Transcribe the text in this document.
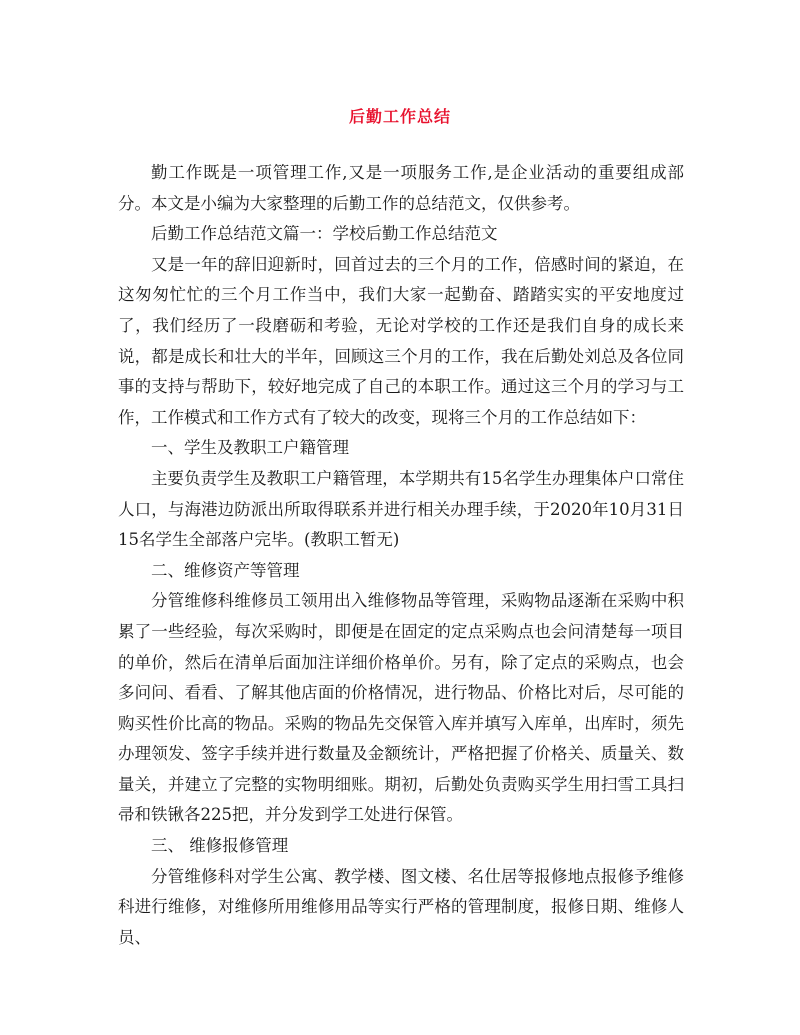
后勤工作总结

勤工作既是一项管理工作,又是一项服务工作,是企业活动的重要组成部分。本文是小编为大家整理的后勤工作的总结范文，仅供参考。

后勤工作总结范文篇一：学校后勤工作总结范文

又是一年的辞旧迎新时，回首过去的三个月的工作，倍感时间的紧迫，在这匆匆忙忙的三个月工作当中，我们大家一起勤奋、踏踏实实的平安地度过了，我们经历了一段磨砺和考验，无论对学校的工作还是我们自身的成长来说，都是成长和壮大的半年，回顾这三个月的工作，我在后勤处刘总及各位同事的支持与帮助下，较好地完成了自己的本职工作。通过这三个月的学习与工作，工作模式和工作方式有了较大的改变，现将三个月的工作总结如下：

一、学生及教职工户籍管理

主要负责学生及教职工户籍管理，本学期共有15名学生办理集体户口常住人口，与海港边防派出所取得联系并进行相关办理手续，于2020年10月31日15名学生全部落户完毕。(教职工暂无)

二、维修资产等管理

分管维修科维修员工领用出入维修物品等管理，采购物品逐渐在采购中积累了一些经验，每次采购时，即便是在固定的定点采购点也会问清楚每一项目的单价，然后在清单后面加注详细价格单价。另有，除了定点的采购点，也会多问问、看看、了解其他店面的价格情况，进行物品、价格比对后，尽可能的购买性价比高的物品。采购的物品先交保管入库并填写入库单，出库时，须先办理领发、签字手续并进行数量及金额统计，严格把握了价格关、质量关、数量关，并建立了完整的实物明细账。期初，后勤处负责购买学生用扫雪工具扫帚和铁锹各225把，并分发到学工处进行保管。

三、 维修报修管理

分管维修科对学生公寓、教学楼、图文楼、名仕居等报修地点报修予维修科进行维修，对维修所用维修用品等实行严格的管理制度，报修日期、维修人员、
